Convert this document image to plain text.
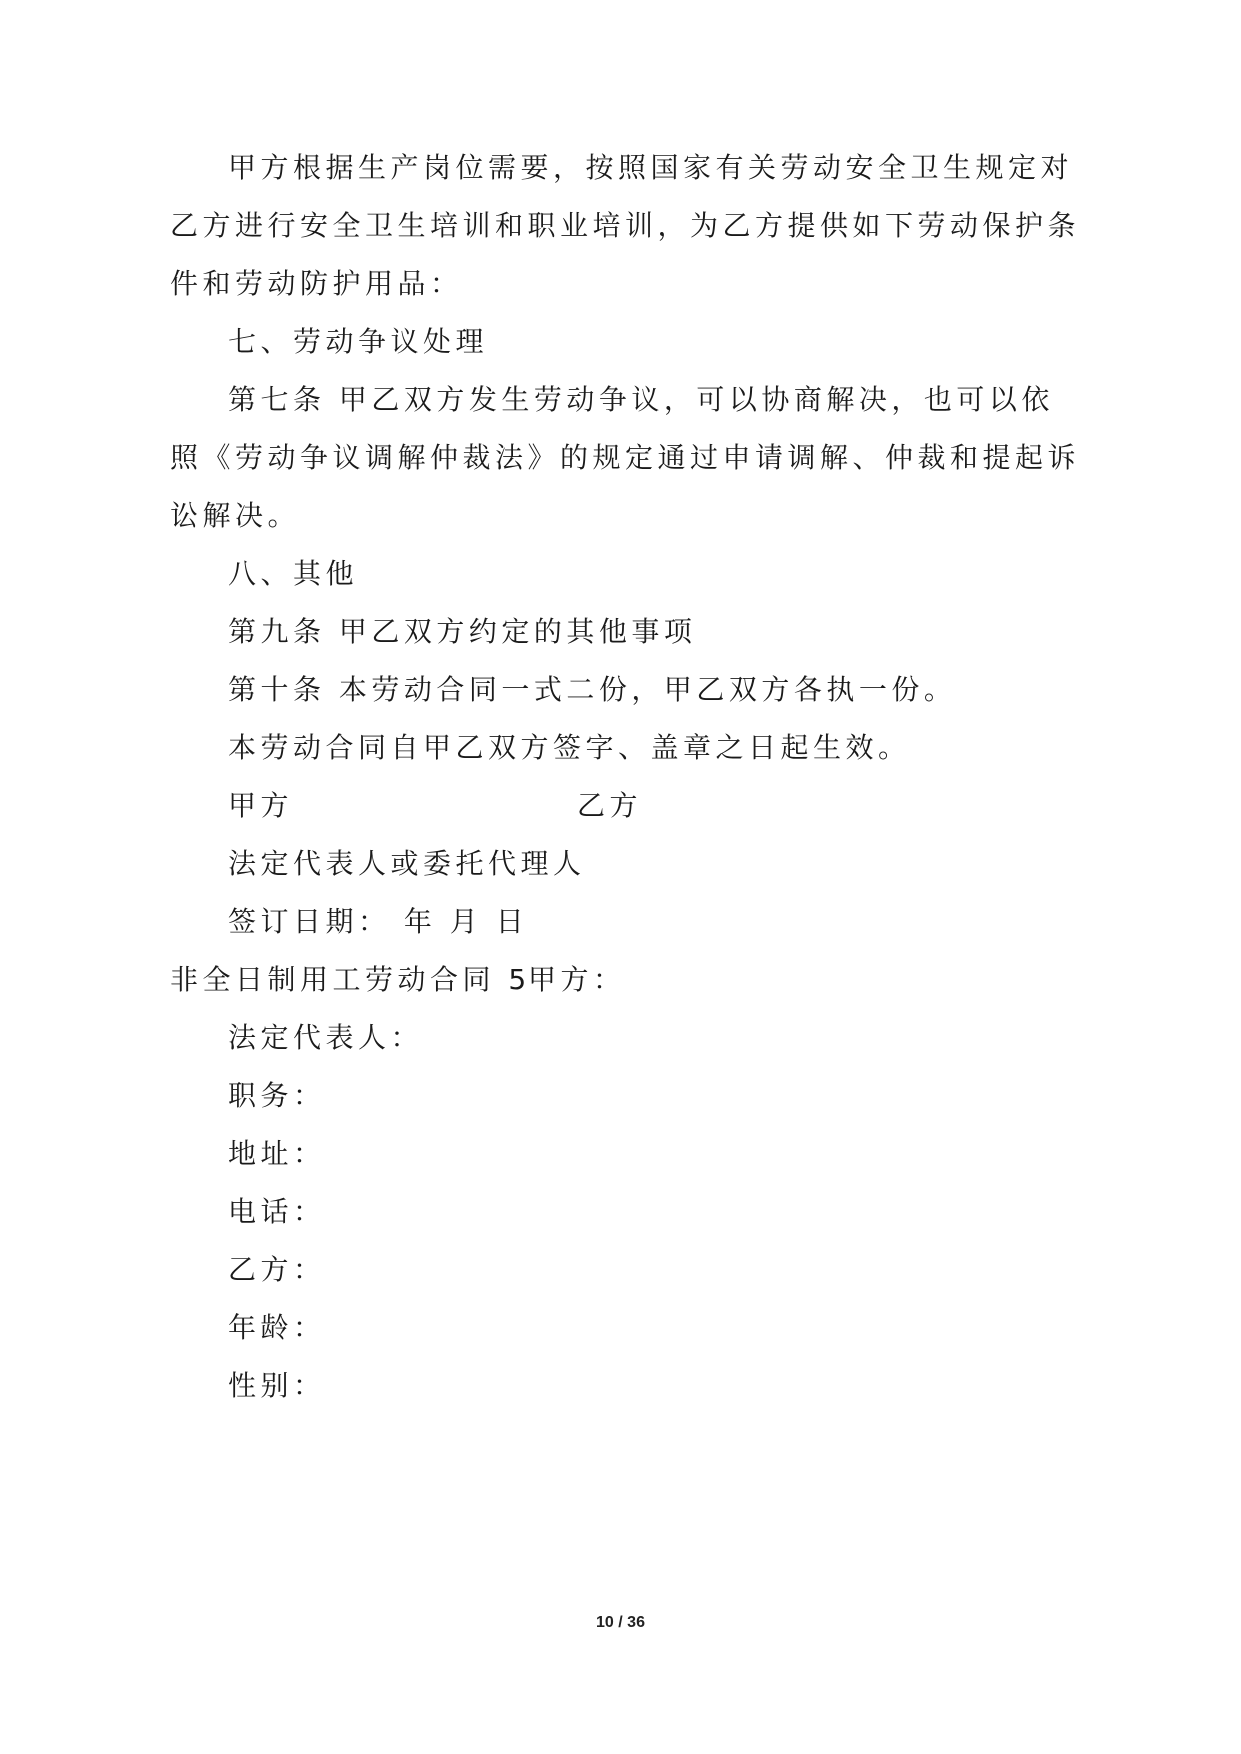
甲方根据生产岗位需要，按照国家有关劳动安全卫生规定对

乙方进行安全卫生培训和职业培训，为乙方提供如下劳动保护条

件和劳动防护用品：

七、劳动争议处理

第七条 甲乙双方发生劳动争议，可以协商解决，也可以依

照《劳动争议调解仲裁法》的规定通过申请调解、仲裁和提起诉

讼解决。

八、其他

第九条 甲乙双方约定的其他事项

第十条 本劳动合同一式二份，甲乙双方各执一份。

本劳动合同自甲乙双方签字、盖章之日起生效。

甲方	乙方

法定代表人或委托代理人

签订日期： 年 月 日

非全日制用工劳动合同 5

甲方：

法定代表人：

职务：

地址：

电话：

乙方：

年龄：

性别：

10 / 36
